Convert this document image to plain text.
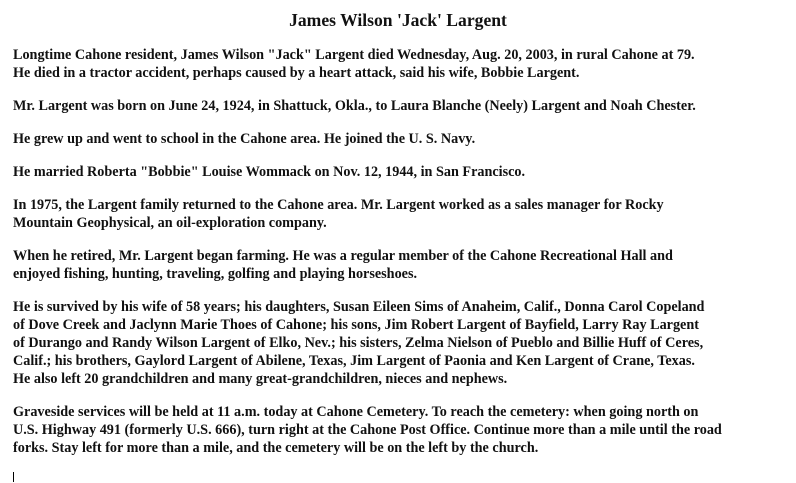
James Wilson 'Jack' Largent

Longtime Cahone resident, James Wilson "Jack" Largent died Wednesday, Aug. 20, 2003, in rural Cahone at 79.
He died in a tractor accident, perhaps caused by a heart attack, said his wife, Bobbie Largent.

Mr. Largent was born on June 24, 1924, in Shattuck, Okla., to Laura Blanche (Neely) Largent and Noah Chester.

He grew up and went to school in the Cahone area. He joined the U. S. Navy.

He married Roberta "Bobbie" Louise Wommack on Nov. 12, 1944, in San Francisco.

In 1975, the Largent family returned to the Cahone area. Mr. Largent worked as a sales manager for Rocky
Mountain Geophysical, an oil-exploration company.

When he retired, Mr. Largent began farming. He was a regular member of the Cahone Recreational Hall and
enjoyed fishing, hunting, traveling, golfing and playing horseshoes.

He is survived by his wife of 58 years; his daughters, Susan Eileen Sims of Anaheim, Calif., Donna Carol Copeland
of Dove Creek and Jaclynn Marie Thoes of Cahone; his sons, Jim Robert Largent of Bayfield, Larry Ray Largent
of Durango and Randy Wilson Largent of Elko, Nev.; his sisters, Zelma Nielson of Pueblo and Billie Huff of Ceres,
Calif.; his brothers, Gaylord Largent of Abilene, Texas, Jim Largent of Paonia and Ken Largent of Crane, Texas.
He also left 20 grandchildren and many great-grandchildren, nieces and nephews.

Graveside services will be held at 11 a.m. today at Cahone Cemetery. To reach the cemetery: when going north on
U.S. Highway 491 (formerly U.S. 666), turn right at the Cahone Post Office. Continue more than a mile until the road
forks. Stay left for more than a mile, and the cemetery will be on the left by the church.
